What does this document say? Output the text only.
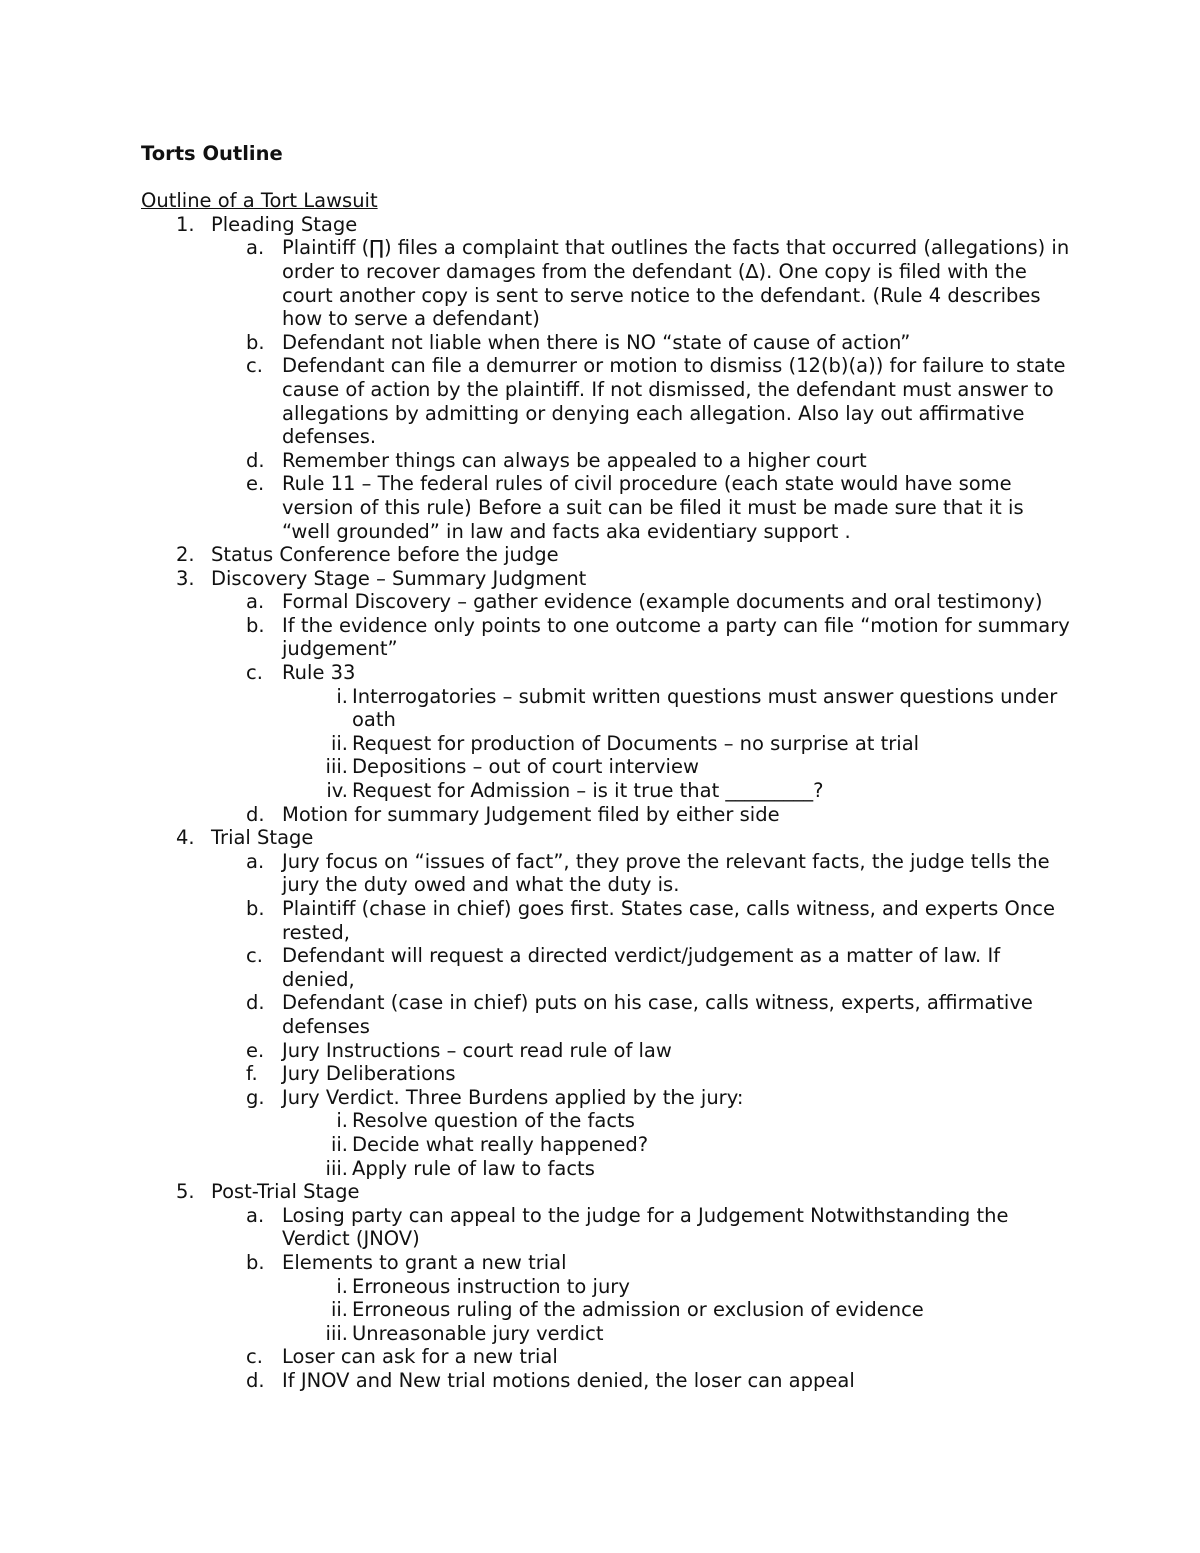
Torts Outline
Outline of a Tort Lawsuit
1. Pleading Stage
a. Plaintiff (∏) files a complaint that outlines the facts that occurred (allegations) in order to recover damages from the defendant (∆). One copy is filed with the court another copy is sent to serve notice to the defendant. (Rule 4 describes how to serve a defendant)
b. Defendant not liable when there is NO “state of cause of action”
c. Defendant can file a demurrer or motion to dismiss (12(b)(a)) for failure to state cause of action by the plaintiff. If not dismissed, the defendant must answer to allegations by admitting or denying each allegation. Also lay out affirmative defenses.
d. Remember things can always be appealed to a higher court
e. Rule 11 – The federal rules of civil procedure (each state would have some version of this rule) Before a suit can be filed it must be made sure that it is “well grounded” in law and facts aka evidentiary support .
2. Status Conference before the judge
3. Discovery Stage – Summary Judgment
a. Formal Discovery – gather evidence (example documents and oral testimony)
b. If the evidence only points to one outcome a party can file “motion for summary judgement”
c. Rule 33
i. Interrogatories – submit written questions must answer questions under oath
ii. Request for production of Documents – no surprise at trial
iii. Depositions – out of court interview
iv. Request for Admission – is it true that _________?
d. Motion for summary Judgement filed by either side
4. Trial Stage
a. Jury focus on “issues of fact”, they prove the relevant facts, the judge tells the jury the duty owed and what the duty is.
b. Plaintiff (chase in chief) goes first. States case, calls witness, and experts Once rested,
c. Defendant will request a directed verdict/judgement as a matter of law. If denied,
d. Defendant (case in chief) puts on his case, calls witness, experts, affirmative defenses
e. Jury Instructions – court read rule of law
f. Jury Deliberations
g. Jury Verdict. Three Burdens applied by the jury:
i. Resolve question of the facts
ii. Decide what really happened?
iii. Apply rule of law to facts
5. Post-Trial Stage
a. Losing party can appeal to the judge for a Judgement Notwithstanding the Verdict (JNOV)
b. Elements to grant a new trial
i. Erroneous instruction to jury
ii. Erroneous ruling of the admission or exclusion of evidence
iii. Unreasonable jury verdict
c. Loser can ask for a new trial
d. If JNOV and New trial motions denied, the loser can appeal
